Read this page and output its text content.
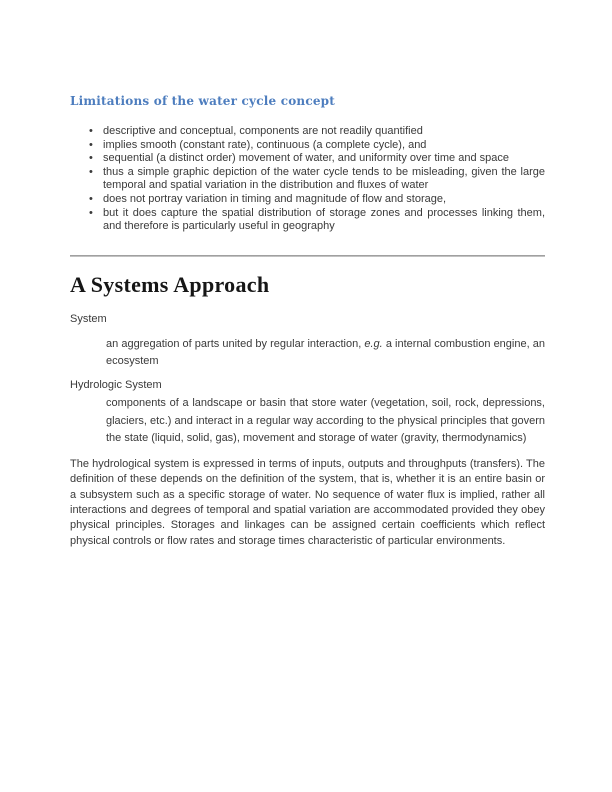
Limitations of the water cycle concept
• descriptive and conceptual, components are not readily quantified
• implies smooth (constant rate), continuous (a complete cycle), and
• sequential (a distinct order) movement of water, and uniformity over time and space
• thus a simple graphic depiction of the water cycle tends to be misleading, given the large temporal and spatial variation in the distribution and fluxes of water
• does not portray variation in timing and magnitude of flow and storage,
• but it does capture the spatial distribution of storage zones and processes linking them, and therefore is particularly useful in geography
A Systems Approach

System

an aggregation of parts united by regular interaction, e.g. a internal combustion engine, an ecosystem

Hydrologic System

components of a landscape or basin that store water (vegetation, soil, rock, depressions, glaciers, etc.) and interact in a regular way according to the physical principles that govern the state (liquid, solid, gas), movement and storage of water (gravity, thermodynamics)

The hydrological system is expressed in terms of inputs, outputs and throughputs (transfers). The definition of these depends on the definition of the system, that is, whether it is an entire basin or a subsystem such as a specific storage of water. No sequence of water flux is implied, rather all interactions and degrees of temporal and spatial variation are accommodated provided they obey physical principles. Storages and linkages can be assigned certain coefficients which reflect physical controls or flow rates and storage times characteristic of particular environments.
